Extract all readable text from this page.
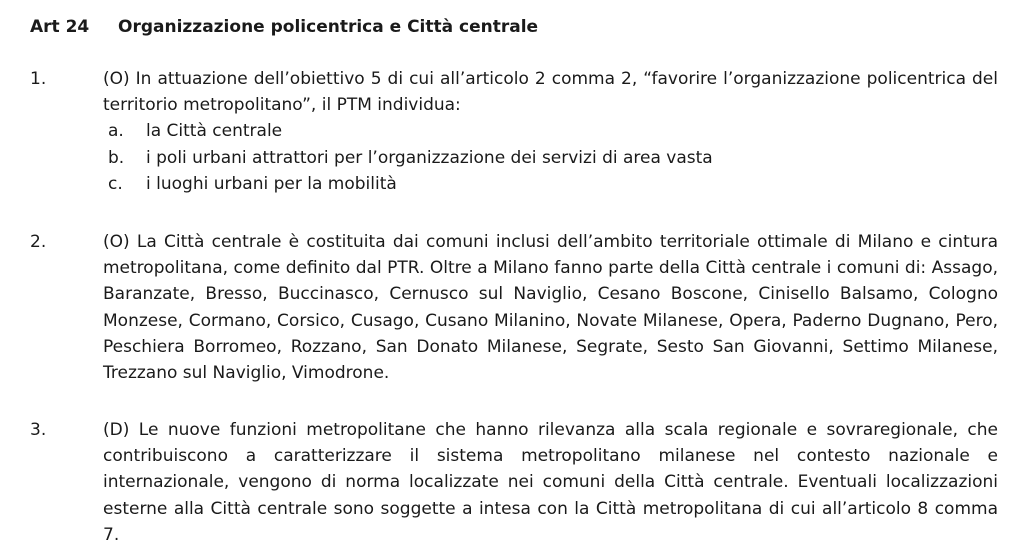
Art 24 Organizzazione policentrica e Città centrale
1.	(O) In attuazione dell’obiettivo 5 di cui all’articolo 2 comma 2, “favorire l’organizzazione policentrica del territorio metropolitano”, il PTM individua:
a. la Città centrale
b. i poli urbani attrattori per l’organizzazione dei servizi di area vasta
c. i luoghi urbani per la mobilità
2.	(O) La Città centrale è costituita dai comuni inclusi dell’ambito territoriale ottimale di Milano e cintura metropolitana, come definito dal PTR. Oltre a Milano fanno parte della Città centrale i comuni di: Assago, Baranzate, Bresso, Buccinasco, Cernusco sul Naviglio, Cesano Boscone, Cinisello Balsamo, Cologno Monzese, Cormano, Corsico, Cusago, Cusano Milanino, Novate Milanese, Opera, Paderno Dugnano, Pero, Peschiera Borromeo, Rozzano, San Donato Milanese, Segrate, Sesto San Giovanni, Settimo Milanese, Trezzano sul Naviglio, Vimodrone.
3.	(D) Le nuove funzioni metropolitane che hanno rilevanza alla scala regionale e sovraregionale, che contribuiscono a caratterizzare il sistema metropolitano milanese nel contesto nazionale e internazionale, vengono di norma localizzate nei comuni della Città centrale. Eventuali localizzazioni esterne alla Città centrale sono soggette a intesa con la Città metropolitana di cui all’articolo 8 comma 7.
